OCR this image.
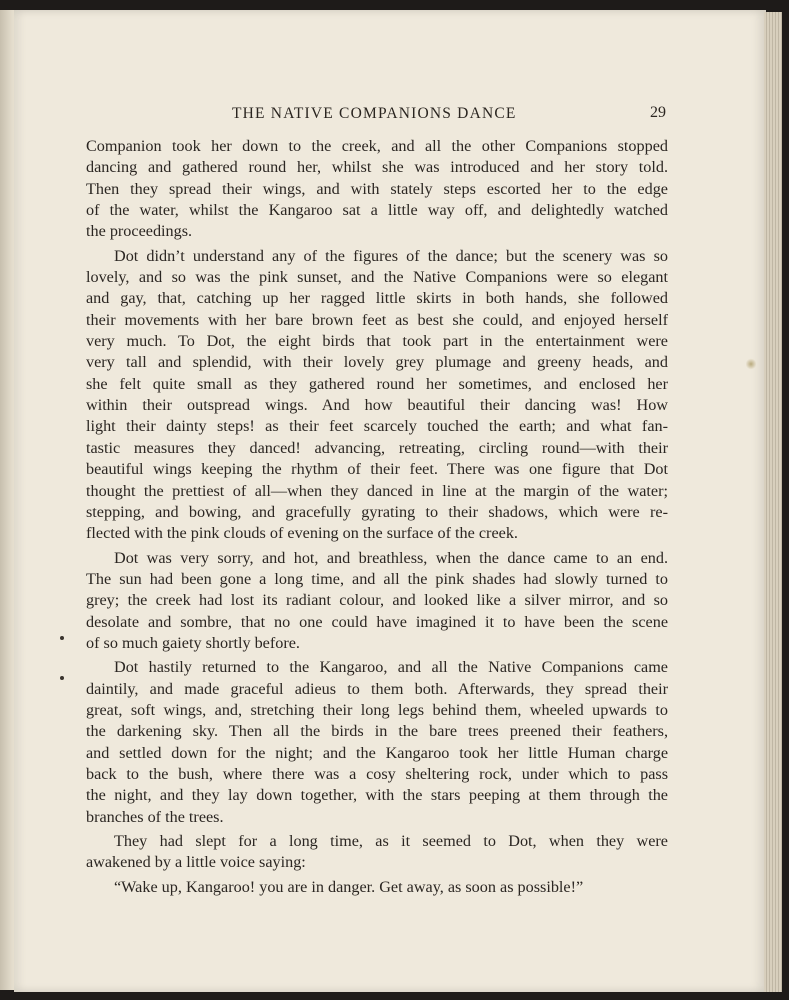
THE NATIVE COMPANIONS DANCE	29
Companion took her down to the creek, and all the other Companions stopped
dancing and gathered round her, whilst she was introduced and her story told.
Then they spread their wings, and with stately steps escorted her to the edge
of the water, whilst the Kangaroo sat a little way off, and delightedly watched
the proceedings.
Dot didn’t understand any of the figures of the dance; but the scenery was so
lovely, and so was the pink sunset, and the Native Companions were so elegant
and gay, that, catching up her ragged little skirts in both hands, she followed
their movements with her bare brown feet as best she could, and enjoyed herself
very much. To Dot, the eight birds that took part in the entertainment were
very tall and splendid, with their lovely grey plumage and greeny heads, and
she felt quite small as they gathered round her sometimes, and enclosed her
within their outspread wings. And how beautiful their dancing was! How
light their dainty steps! as their feet scarcely touched the earth; and what fan-
tastic measures they danced! advancing, retreating, circling round—with their
beautiful wings keeping the rhythm of their feet. There was one figure that Dot
thought the prettiest of all—when they danced in line at the margin of the water;
stepping, and bowing, and gracefully gyrating to their shadows, which were re-
flected with the pink clouds of evening on the surface of the creek.
Dot was very sorry, and hot, and breathless, when the dance came to an end.
The sun had been gone a long time, and all the pink shades had slowly turned to
grey; the creek had lost its radiant colour, and looked like a silver mirror, and so
desolate and sombre, that no one could have imagined it to have been the scene
of so much gaiety shortly before.
Dot hastily returned to the Kangaroo, and all the Native Companions came
daintily, and made graceful adieus to them both. Afterwards, they spread their
great, soft wings, and, stretching their long legs behind them, wheeled upwards to
the darkening sky. Then all the birds in the bare trees preened their feathers,
and settled down for the night; and the Kangaroo took her little Human charge
back to the bush, where there was a cosy sheltering rock, under which to pass
the night, and they lay down together, with the stars peeping at them through the
branches of the trees.
They had slept for a long time, as it seemed to Dot, when they were
awakened by a little voice saying:
“Wake up, Kangaroo! you are in danger. Get away, as soon as possible!”
